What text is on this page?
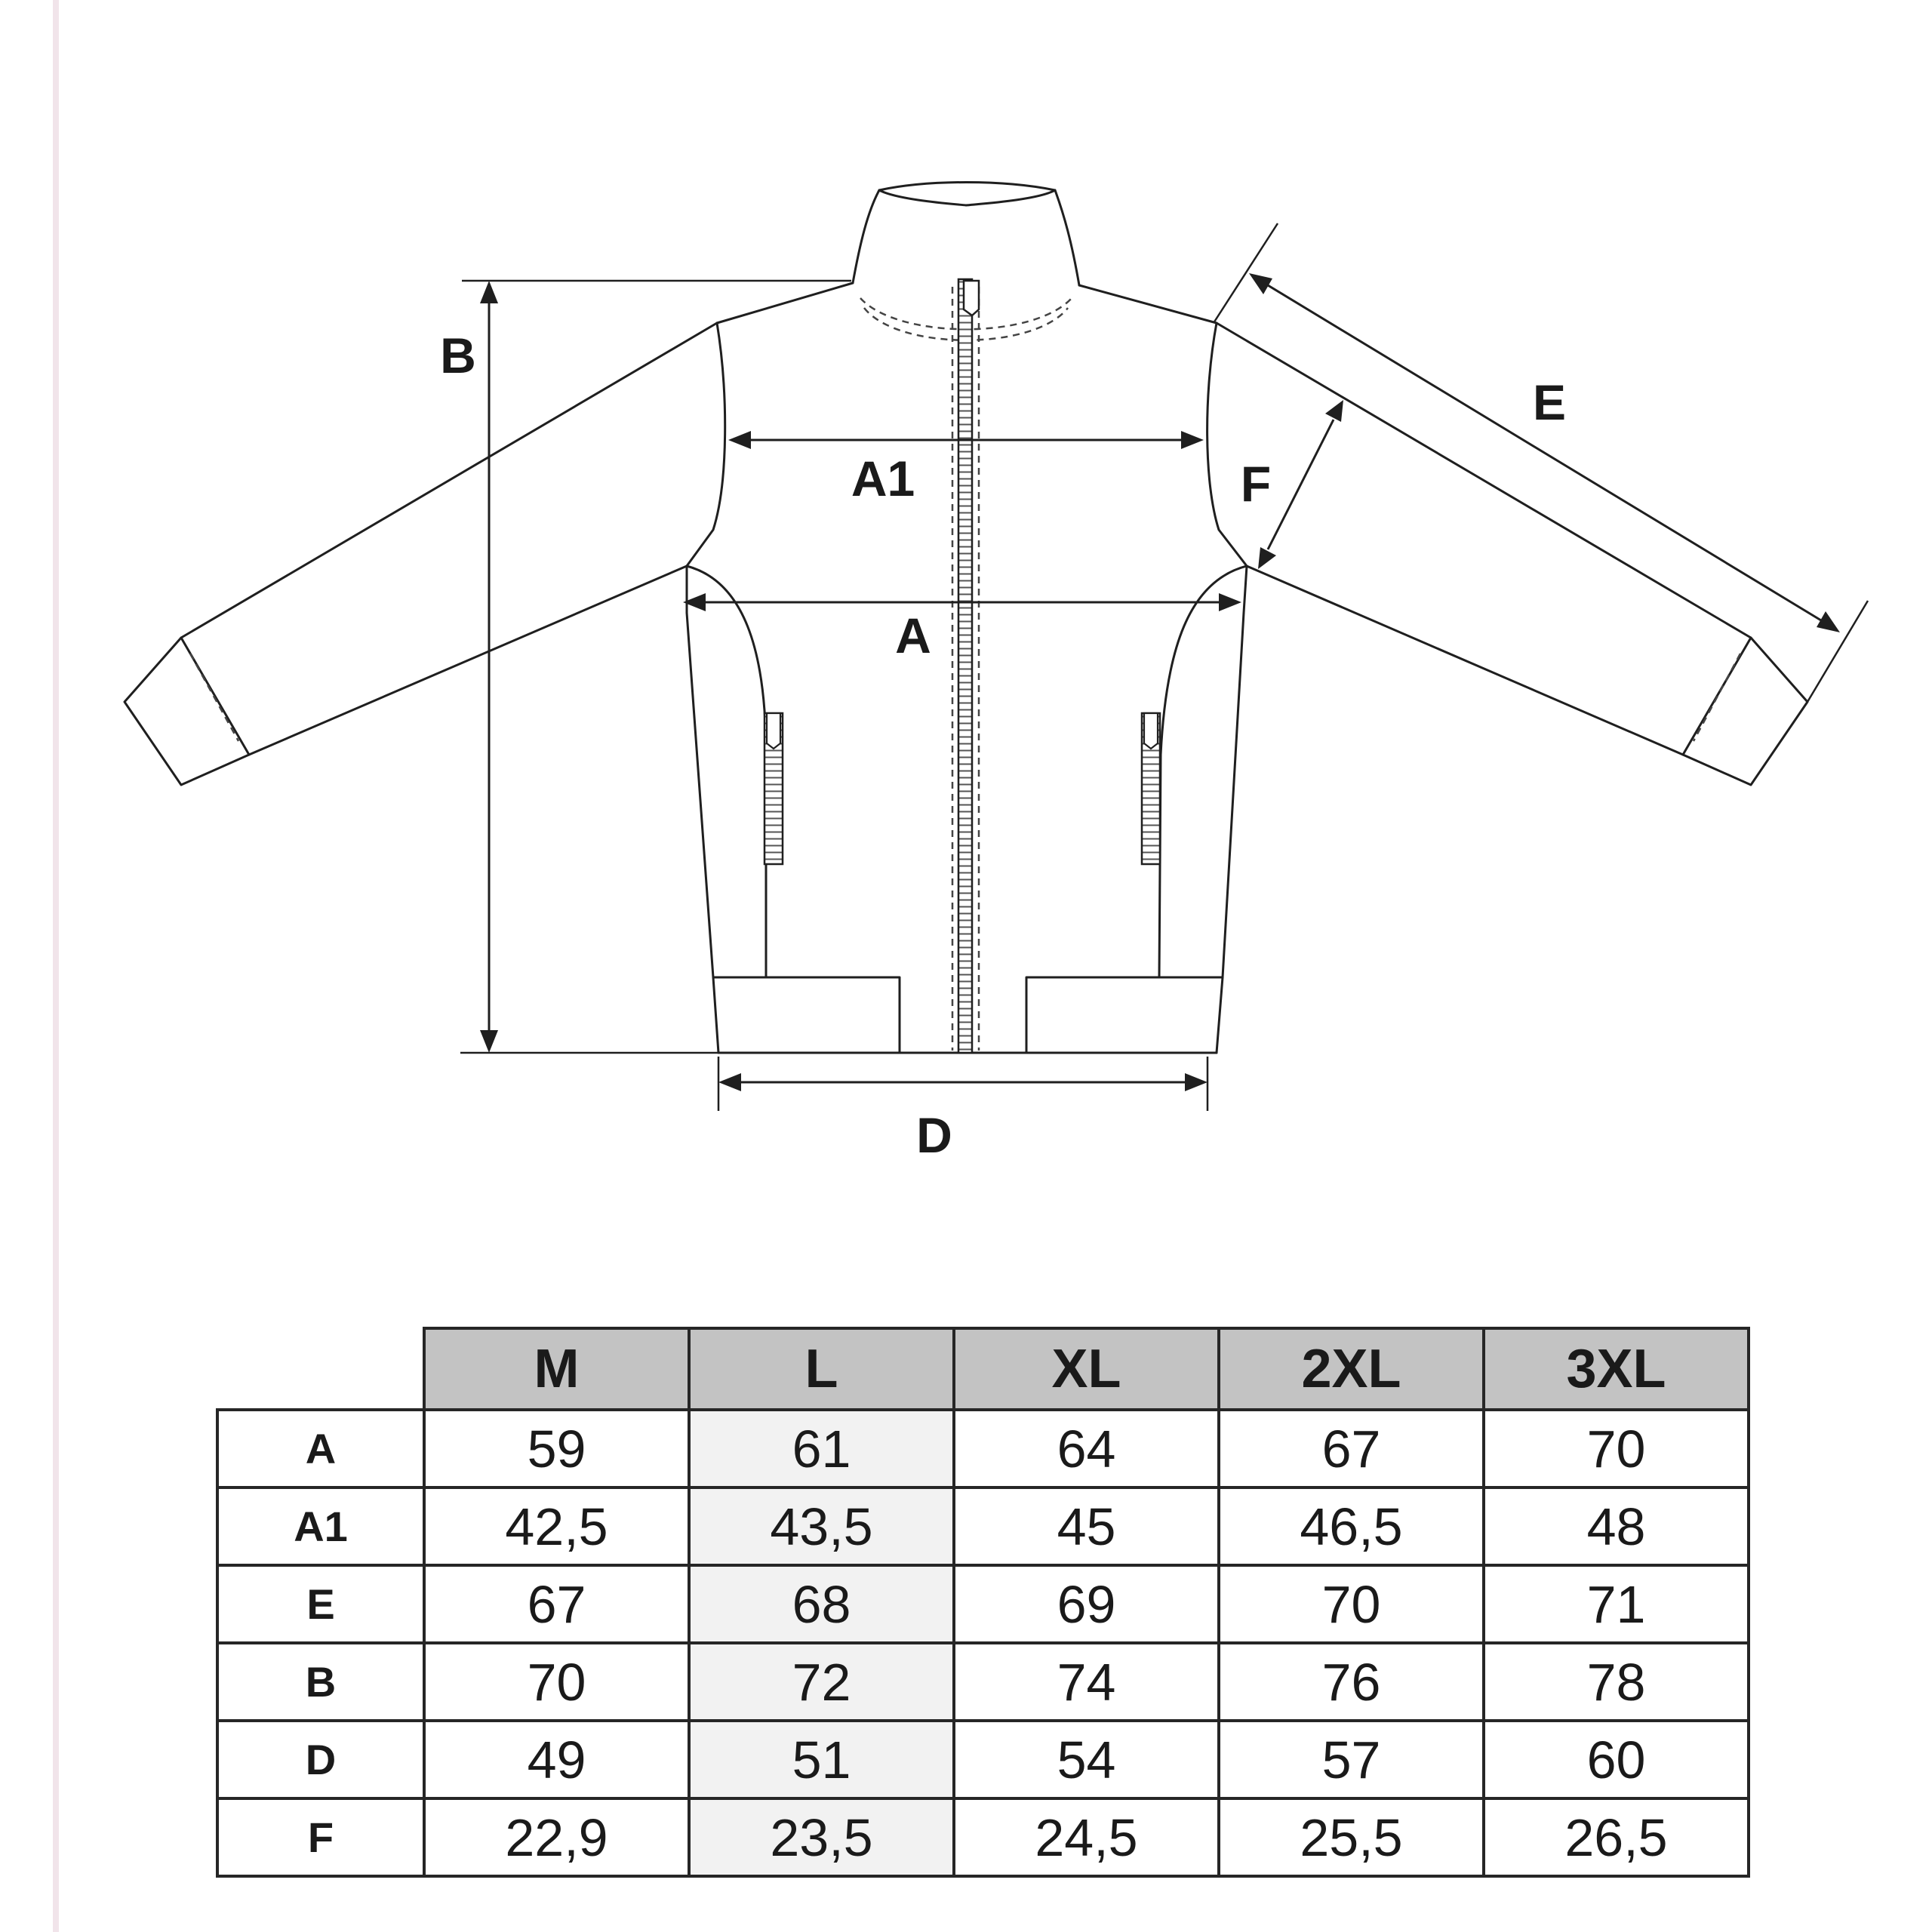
B
A1
A
D
E
F
	M	L	XL	2XL	3XL
A	59	61	64	67	70
A1	42,5	43,5	45	46,5	48
E	67	68	69	70	71
B	70	72	74	76	78
D	49	51	54	57	60
F	22,9	23,5	24,5	25,5	26,5
